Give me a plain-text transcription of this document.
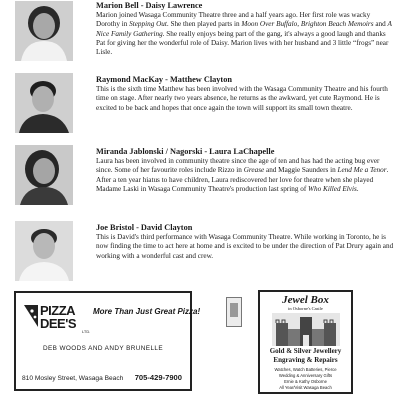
Marion Bell - Daisy Lawrence

Marion joined Wasaga Community Theatre three and a half years ago. Her first role was wacky Dorothy in Stepping Out. She then played parts in Moon Over Buffalo, Brighton Beach Memoirs and A Nice Family Gathering. She really enjoys being part of the gang, it's always a good laugh and thanks Pat for giving her the wonderful role of Daisy. Marion lives with her husband and 3 little “frogs” near Lisle.

Raymond MacKay - Matthew Clayton

This is the sixth time Matthew has been involved with the Wasaga Community Theatre and his fourth time on stage. After nearly two years absence, he returns as the awkward, yet cute Raymond. He is excited to be back and hopes that once again the town will support its small town theatre.

Miranda Jablonski / Nagorski - Laura LaChapelle

Laura has been involved in community theatre since the age of ten and has had the acting bug ever since. Some of her favourite roles include Rizzo in Grease and Maggie Saunders in Lend Me a Tenor. After a ten year hiatus to have children, Laura rediscovered her love for theatre when she played Madame Laski in Wasaga Community Theatre's production last spring of Who Killed Elvis.

Joe Bristol - David Clayton

This is David's third performance with Wasaga Community Theatre. While working in Toronto, he is now finding the time to act here at home and is excited to be under the direction of Pat Drury again and working with a wonderful cast and crew.

PIZZA
DEE'S
LTD.
More Than Just Great Pizza!
DEB WOODS AND ANDY BRUNELLE
810 Mosley Street, Wasaga Beach 705-429-7900
Jewel Box
in Osborne's Castle
Gold & Silver Jewellery
Engraving & Repairs
Watches, Watch Batteries, Pierce
Wedding & Anniversary Gifts
Ernie & Kathy Osborne
All Year/Visit Wasaga Beach
